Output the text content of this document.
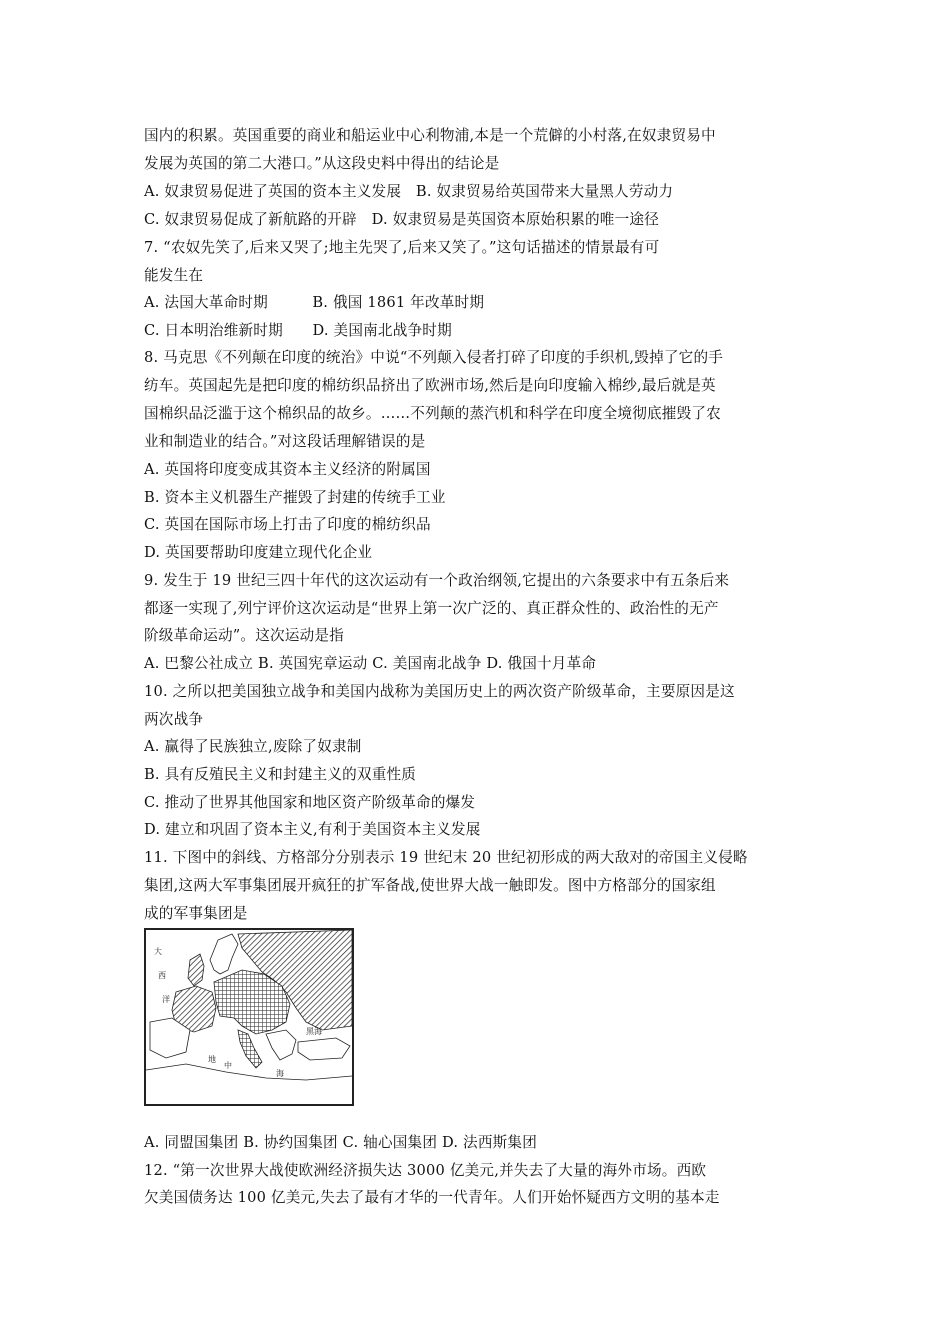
国内的积累。英国重要的商业和船运业中心利物浦,本是一个荒僻的小村落,在奴隶贸易中
发展为英国的第二大港口。”从这段史料中得出的结论是
A. 奴隶贸易促进了英国的资本主义发展　B. 奴隶贸易给英国带来大量黑人劳动力
C. 奴隶贸易促成了新航路的开辟　D. 奴隶贸易是英国资本原始积累的唯一途径
7. “农奴先笑了,后来又哭了;地主先哭了,后来又笑了。”这句话描述的情景最有可
能发生在
A. 法国大革命时期　　　B. 俄国 1861 年改革时期
C. 日本明治维新时期　　D. 美国南北战争时期
8. 马克思《不列颠在印度的统治》中说“不列颠入侵者打碎了印度的手织机,毁掉了它的手
纺车。英国起先是把印度的棉纺织品挤出了欧洲市场,然后是向印度输入棉纱,最后就是英
国棉织品泛滥于这个棉织品的故乡。……不列颠的蒸汽机和科学在印度全境彻底摧毁了农
业和制造业的结合。”对这段话理解错误的是
A. 英国将印度变成其资本主义经济的附属国
B. 资本主义机器生产摧毁了封建的传统手工业
C. 英国在国际市场上打击了印度的棉纺织品
D. 英国要帮助印度建立现代化企业
9. 发生于 19 世纪三四十年代的这次运动有一个政治纲领,它提出的六条要求中有五条后来
都逐一实现了,列宁评价这次运动是“世界上第一次广泛的、真正群众性的、政治性的无产
阶级革命运动”。这次运动是指
A. 巴黎公社成立 B. 英国宪章运动 C. 美国南北战争 D. 俄国十月革命
10. 之所以把美国独立战争和美国内战称为美国历史上的两次资产阶级革命，主要原因是这
两次战争
A. 赢得了民族独立,废除了奴隶制
B. 具有反殖民主义和封建主义的双重性质
C. 推动了世界其他国家和地区资产阶级革命的爆发
D. 建立和巩固了资本主义,有利于美国资本主义发展
11. 下图中的斜线、方格部分分别表示 19 世纪末 20 世纪初形成的两大敌对的帝国主义侵略
集团,这两大军事集团展开疯狂的扩军备战,使世界大战一触即发。图中方格部分的国家组
成的军事集团是
大
西
洋
地
中
海
黑海
A. 同盟国集团 B. 协约国集团 C. 轴心国集团 D. 法西斯集团
12. “第一次世界大战使欧洲经济损失达 3000 亿美元,并失去了大量的海外市场。西欧
欠美国债务达 100 亿美元,失去了最有才华的一代青年。人们开始怀疑西方文明的基本走
